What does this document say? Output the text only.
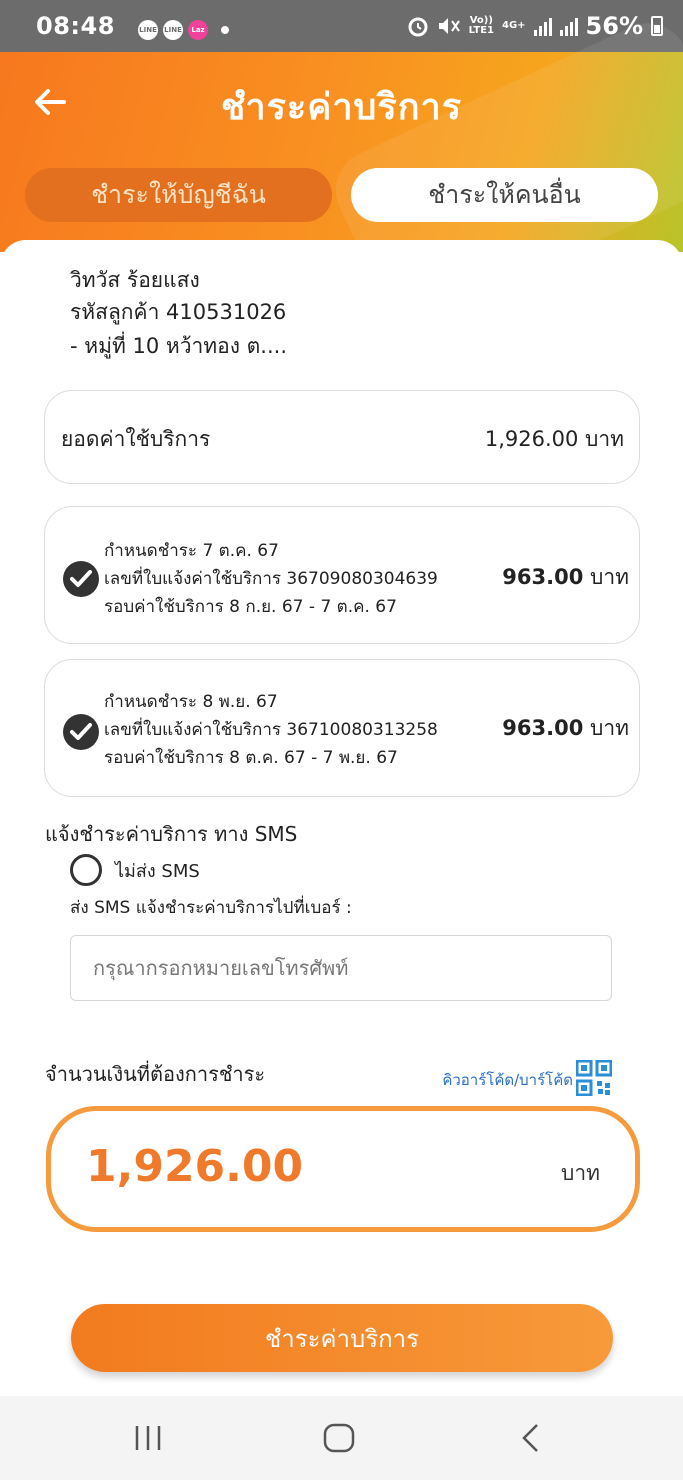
08:48	LINE LINE	Laz
Vo))
LTE1 4G+	56%
ชำระค่าบริการ
ชำระให้บัญชีฉัน	ชำระให้คนอื่น
วิทวัส ร้อยแสง
รหัสลูกค้า 410531026
- หมู่ที่ 10 หว้าทอง ต....
ยอดค่าใช้บริการ	1,926.00 บาท
กำหนดชำระ 7 ต.ค. 67
เลขที่ใบแจ้งค่าใช้บริการ 36709080304639
รอบค่าใช้บริการ 8 ก.ย. 67 - 7 ต.ค. 67
963.00 บาท
กำหนดชำระ 8 พ.ย. 67
เลขที่ใบแจ้งค่าใช้บริการ 36710080313258
รอบค่าใช้บริการ 8 ต.ค. 67 - 7 พ.ย. 67
963.00 บาท
แจ้งชำระค่าบริการ ทาง SMS
ไม่ส่ง SMS
ส่ง SMS แจ้งชำระค่าบริการไปที่เบอร์ :
กรุณากรอกหมายเลขโทรศัพท์
จำนวนเงินที่ต้องการชำระ	คิวอาร์โค้ด/บาร์โค้ด
1,926.00	บาท
ชำระค่าบริการ
